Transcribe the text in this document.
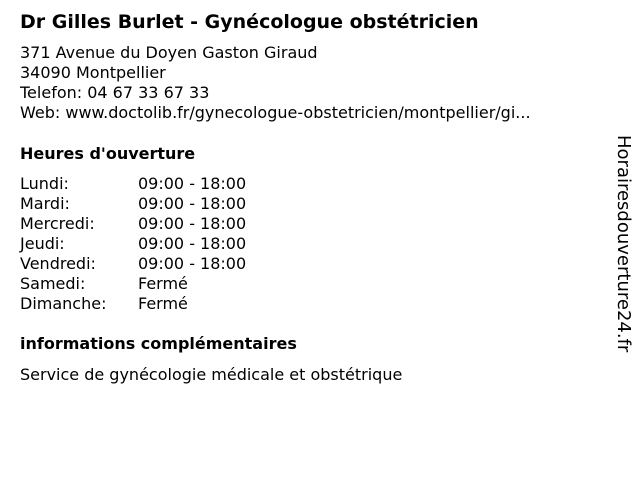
Dr Gilles Burlet - Gynécologue obstétricien
371 Avenue du Doyen Gaston Giraud
34090 Montpellier
Telefon: 04 67 33 67 33
Web: www.doctolib.fr/gynecologue-obstetricien/montpellier/gi...
Heures d'ouverture
Lundi:	09:00 - 18:00
Mardi:	09:00 - 18:00
Mercredi:	09:00 - 18:00
Jeudi:	09:00 - 18:00
Vendredi:	09:00 - 18:00
Samedi:	Fermé
Dimanche: Fermé
informations complémentaires
Service de gynécologie médicale et obstétrique
Horairesdouverture24.fr
